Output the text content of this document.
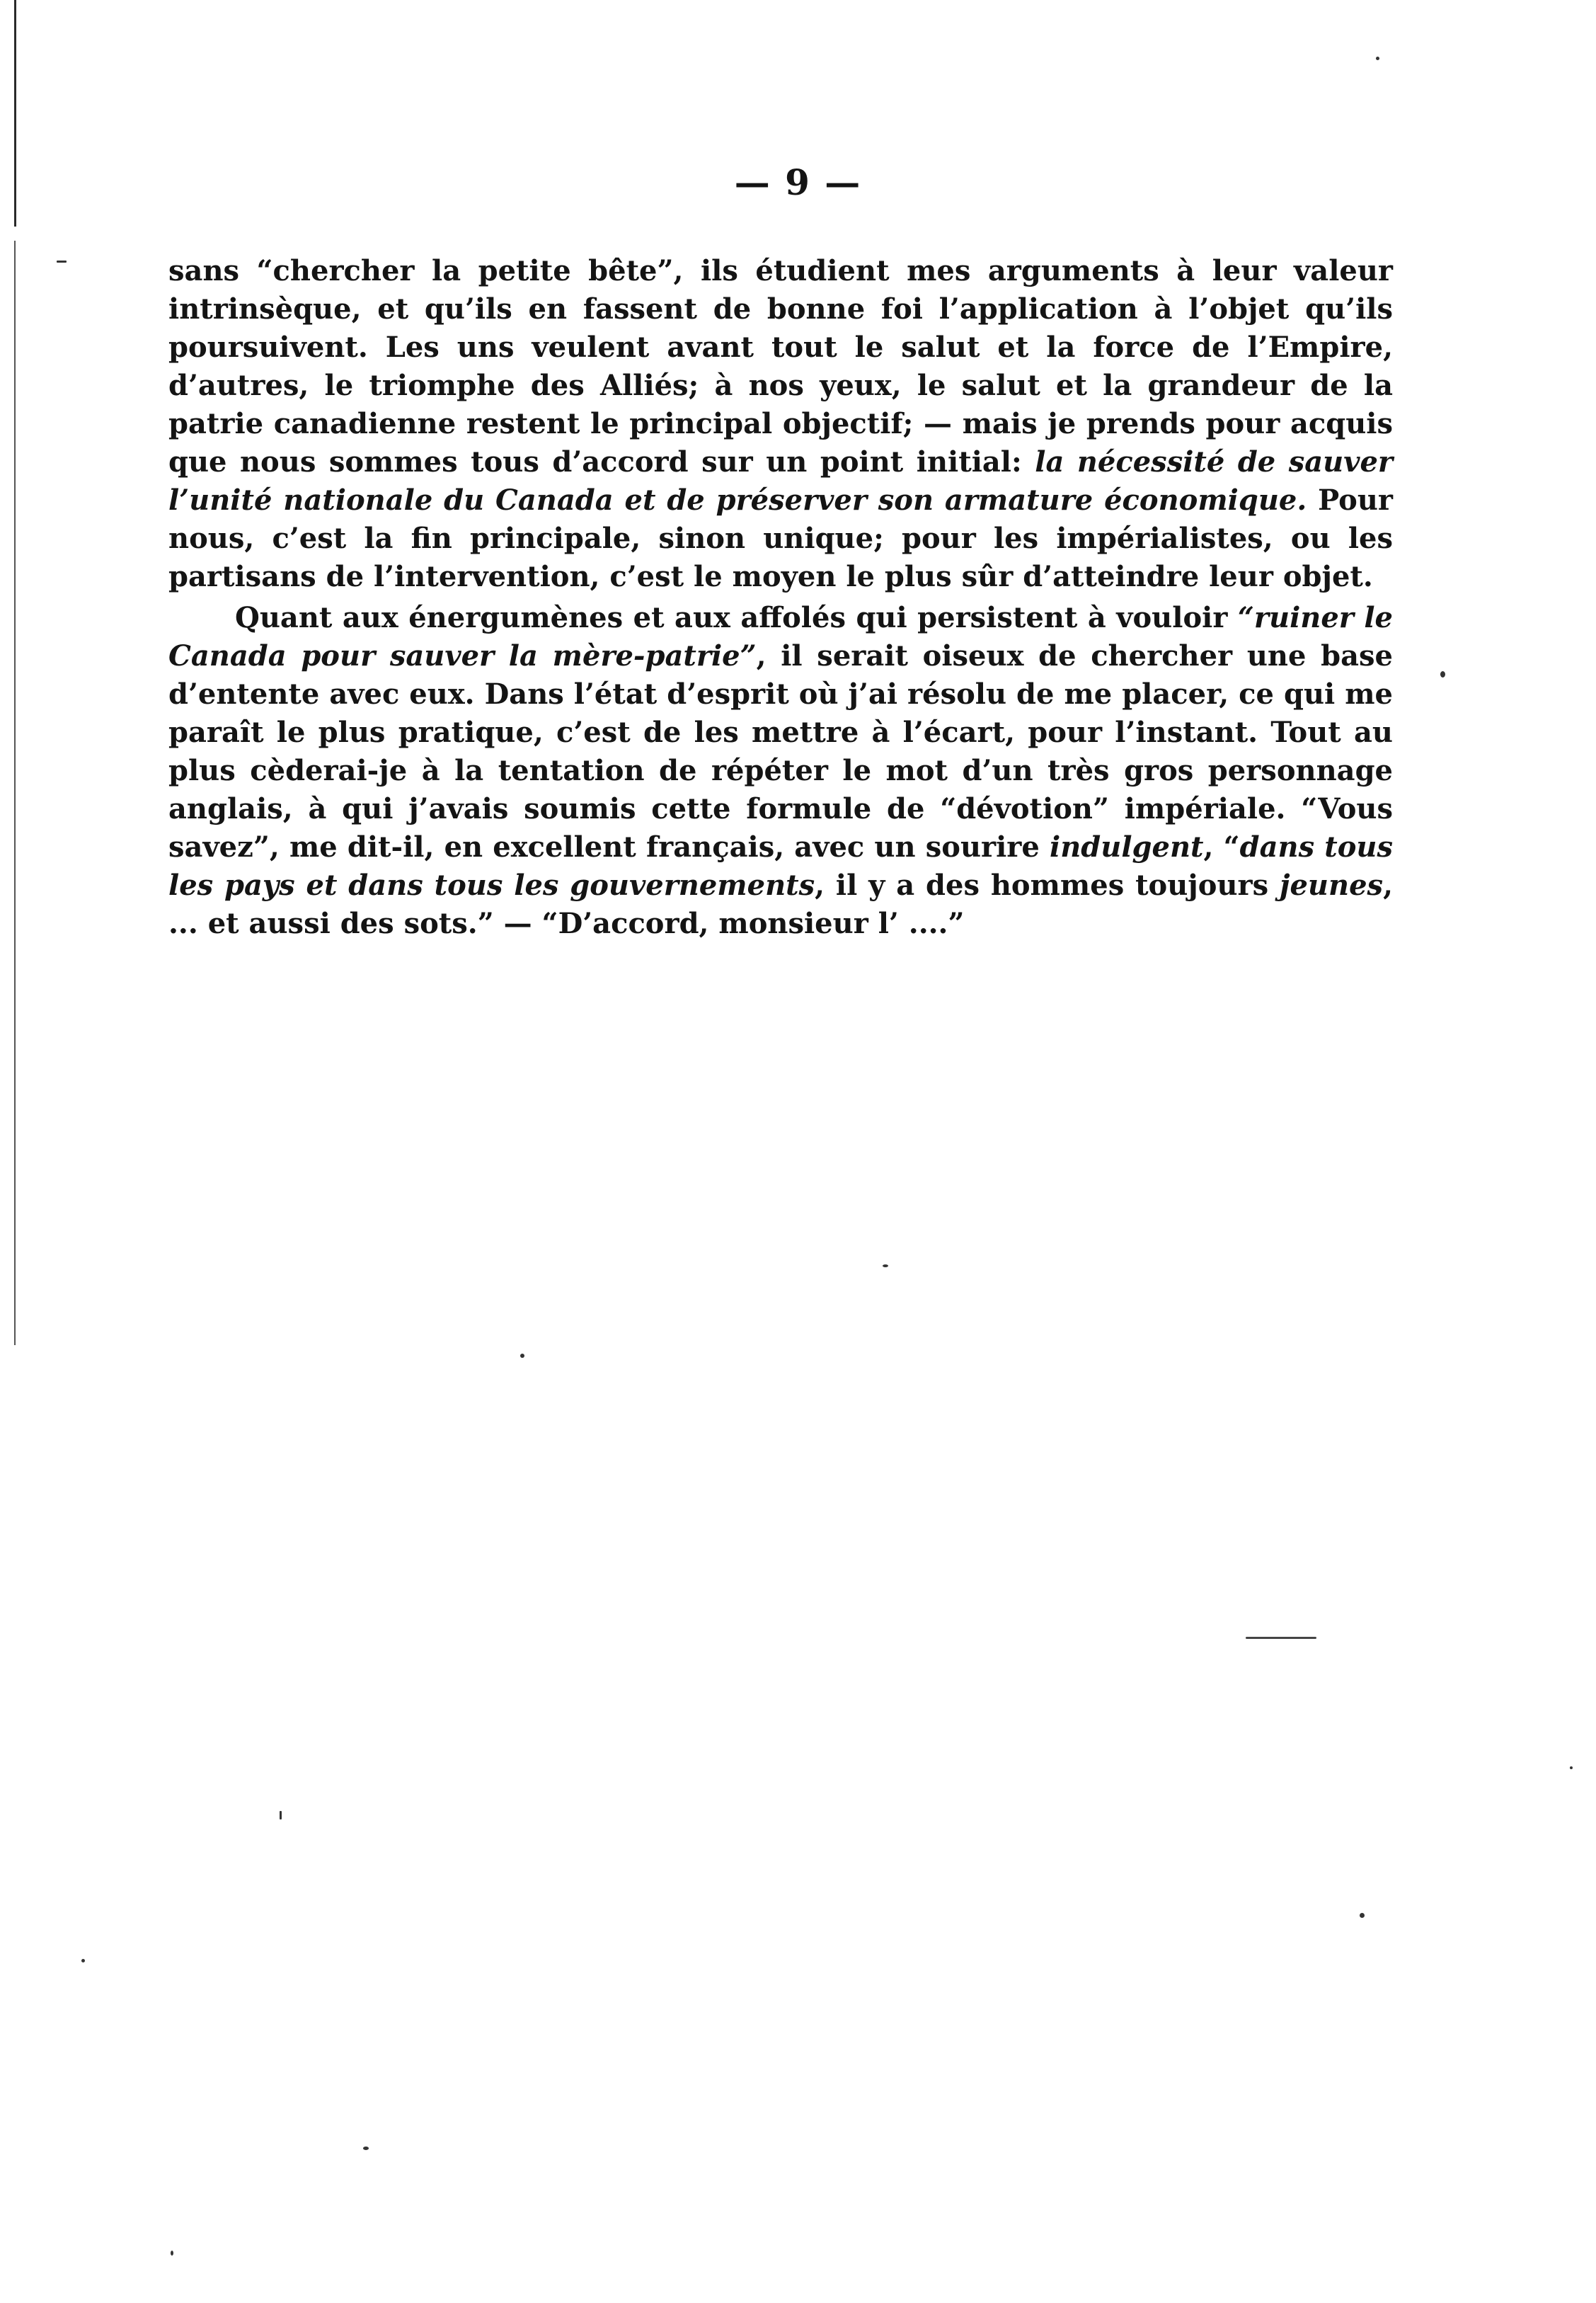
— 9 —

sans “chercher la petite bête”, ils étudient mes arguments à leur valeur intrinsèque, et qu’ils en fassent de bonne foi l’application à l’objet qu’ils poursuivent. Les uns veulent avant tout le salut et la force de l’Empire, d’autres, le triomphe des Alliés; à nos yeux, le salut et la grandeur de la patrie canadienne restent le principal objectif; — mais je prends pour acquis que nous sommes tous d’accord sur un point initial: la nécessité de sauver l’unité nationale du Canada et de préserver son armature économique. Pour nous, c’est la fin principale, sinon unique; pour les impérialistes, ou les partisans de l’intervention, c’est le moyen le plus sûr d’atteindre leur objet.

Quant aux énergumènes et aux affolés qui persistent à vouloir “ruiner le Canada pour sauver la mère-patrie”, il serait oiseux de chercher une base d’entente avec eux. Dans l’état d’esprit où j’ai résolu de me placer, ce qui me paraît le plus pratique, c’est de les mettre à l’écart, pour l’instant. Tout au plus cèderai-je à la tentation de répéter le mot d’un très gros personnage anglais, à qui j’avais soumis cette formule de “dévotion” impériale. “Vous savez”, me dit-il, en excellent français, avec un sourire indulgent, “dans tous les pays et dans tous les gouvernements, il y a des hommes toujours jeunes, ... et aussi des sots.” — “D’accord, monsieur l’ ....”
